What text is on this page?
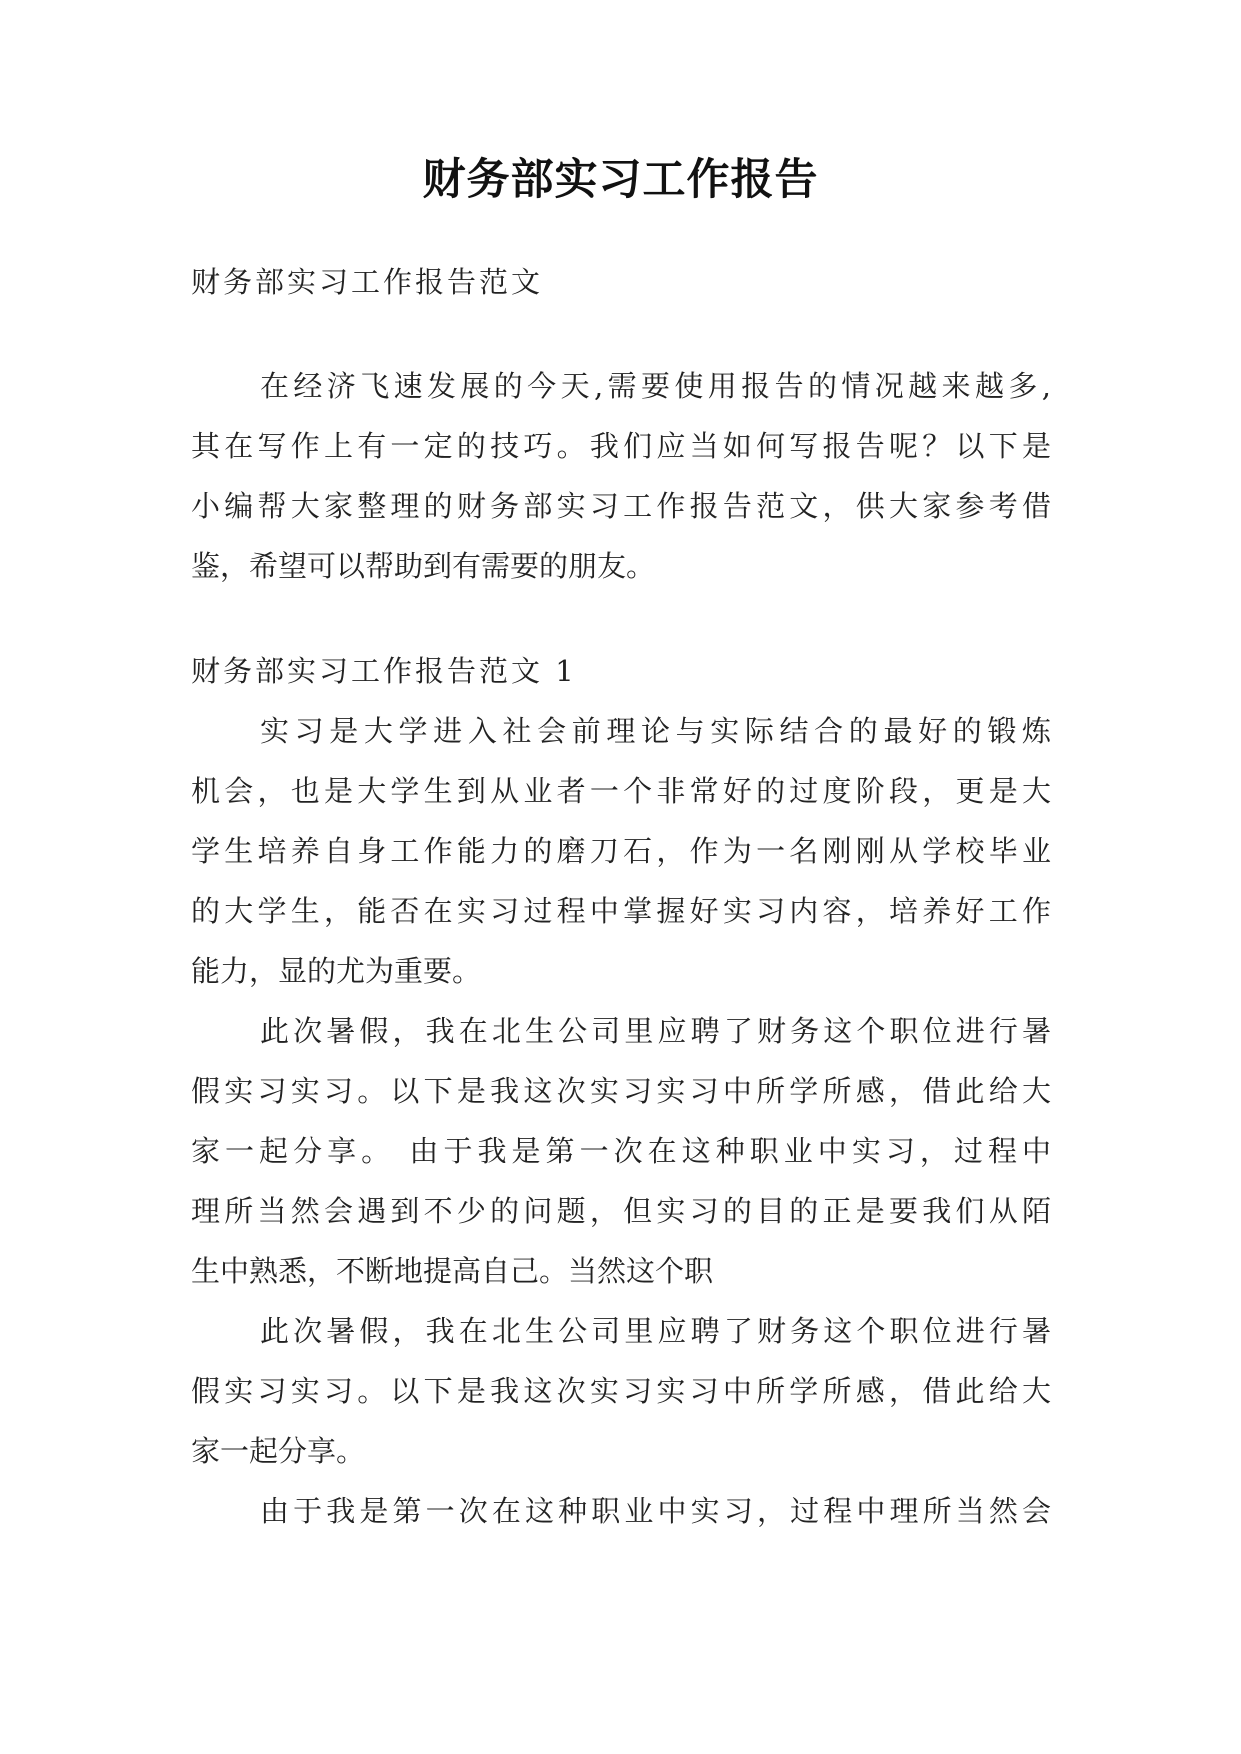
财务部实习工作报告
财务部实习工作报告范文
在经济飞速发展的今天,需要使用报告的情况越来越多,
其在写作上有一定的技巧。我们应当如何写报告呢？以下是
小编帮大家整理的财务部实习工作报告范文，供大家参考借
鉴，希望可以帮助到有需要的朋友。
财务部实习工作报告范文 1
实习是大学进入社会前理论与实际结合的最好的锻炼
机会，也是大学生到从业者一个非常好的过度阶段，更是大
学生培养自身工作能力的磨刀石，作为一名刚刚从学校毕业
的大学生，能否在实习过程中掌握好实习内容，培养好工作
能力，显的尤为重要。
此次暑假，我在北生公司里应聘了财务这个职位进行暑
假实习实习。以下是我这次实习实习中所学所感，借此给大
家一起分享。 由于我是第一次在这种职业中实习，过程中
理所当然会遇到不少的问题，但实习的目的正是要我们从陌
生中熟悉，不断地提高自己。当然这个职
此次暑假，我在北生公司里应聘了财务这个职位进行暑
假实习实习。以下是我这次实习实习中所学所感，借此给大
家一起分享。
由于我是第一次在这种职业中实习，过程中理所当然会
